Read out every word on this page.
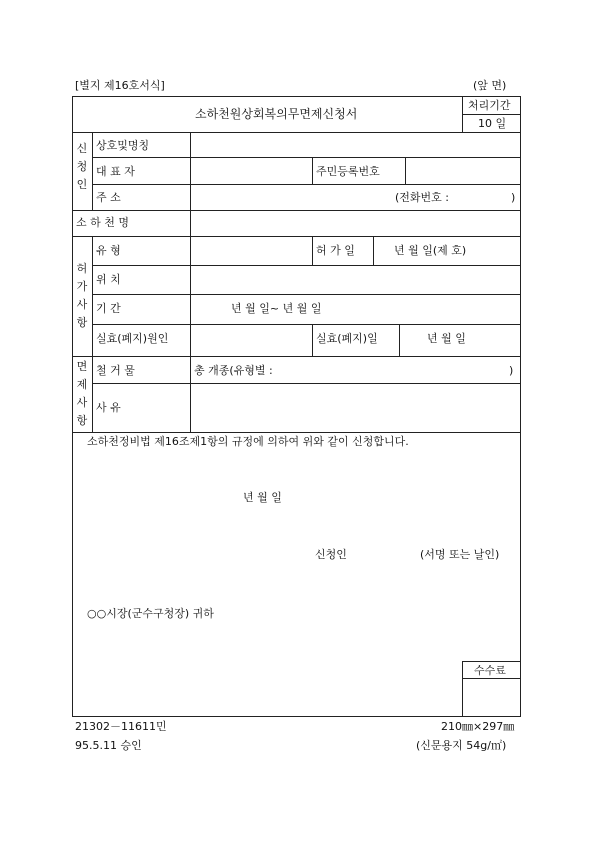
[별지 제16호서식]	(앞 면)
소하천원상회복의무면제신청서
처리기간
10 일
신
청
인
상호및명칭
대 표 자	주민등록번호
주 소	(전화번호 :	)
소 하 천 명
허
가
사
항
유 형	허 가 일	년 월 일(제 호)
위 치
기 간	년 월 일~ 년 월 일
실효(폐지)원인	실효(폐지)일	년 월 일
면
제
사
항
철 거 물	총 개종(유형별 :	)
사 유
소하천정비법 제16조제1항의 규정에 의하여 위와 같이 신청합니다.
년 월 일
신청인	(서명 또는 날인)
○○시장(군수구청장) 귀하
수수료
21302－11611민
95.5.11 승인
210㎜×297㎜
(신문용지 54g/㎡)
